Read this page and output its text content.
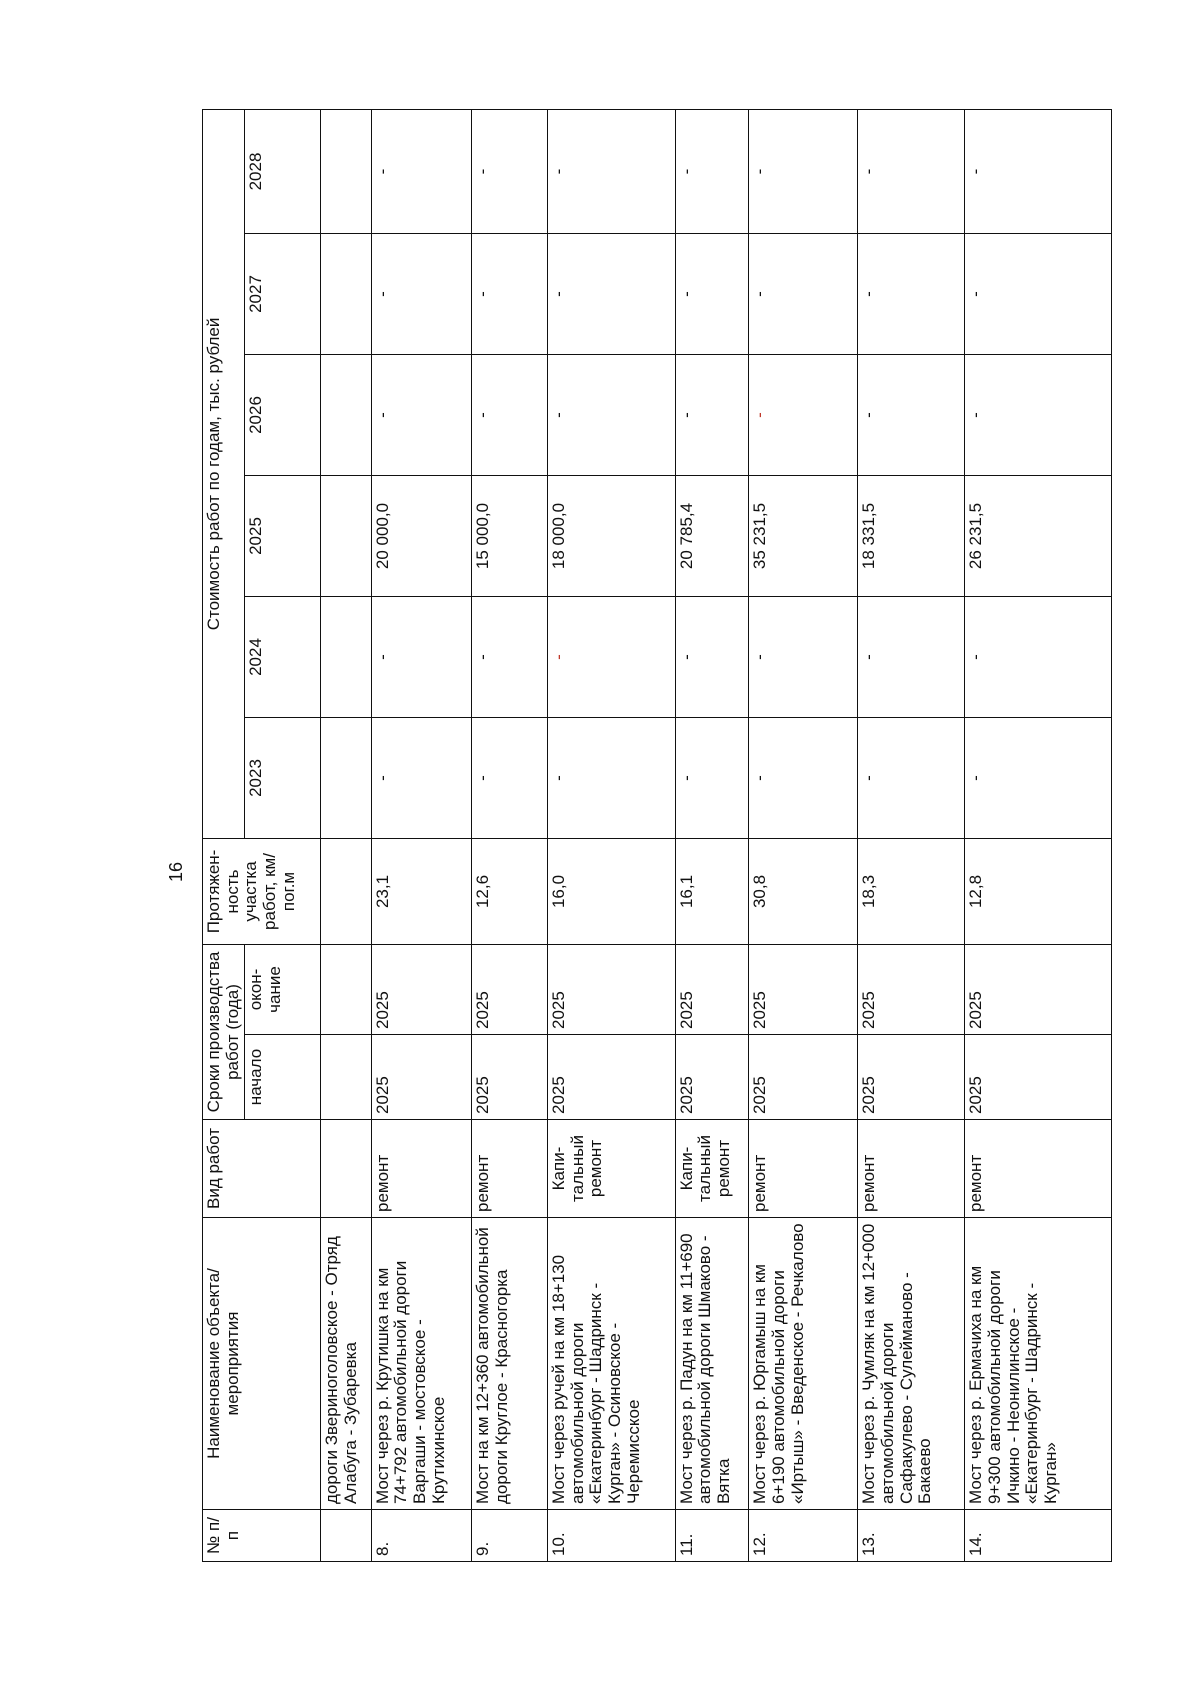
16
№ п/п	Наименование объекта/ мероприятия	Вид работ	Сроки производства работ (года)		Протяжен-ность участка работ, км/пог.м	Стоимость работ по годам, тыс. рублей					
			начало	окон-чание		2023	2024	2025	2026	2027	2028
	дороги Звериноголовское - Отряд Алабуга - Зубаревка										
8.	Мост через р. Крутишка на км 74+792 автомобильной дороги Варгаши - мостовское - Крутихинское	ремонт	2025	2025	23,1	-	-	20 000,0	-	-	-
9.	Мост на км 12+360 автомобильной дороги Круглое - Красногорка	ремонт	2025	2025	12,6	-	-	15 000,0	-	-	-
10.	Мост через ручей на км 18+130 автомобильной дороги «Екатеринбург - Шадринск - Курган» - Осиновское - Черемисское	Капи-тальный ремонт	2025	2025	16,0	-	-	18 000,0	-	-	-
11.	Мост через р. Падун на км 11+690 автомобильной дороги Шмаково - Вятка	Капи-тальный ремонт	2025	2025	16,1	-	-	20 785,4	-	-	-
12.	Мост через р. Юргамыш на км 6+190 автомобильной дороги «Иртыш» - Введенское - Речкалово	ремонт	2025	2025	30,8	-	-	35 231,5	-	-	-
13.	Мост через р. Чумляк на км 12+000 автомобильной дороги Сафакулево - Сулейманово - Бакаево	ремонт	2025	2025	18,3	-	-	18 331,5	-	-	-
14.	Мост через р. Ермачиха на км 9+300 автомобильной дороги Ичкино - Неонилинское - «Екатеринбург - Шадринск - Курган»	ремонт	2025	2025	12,8	-	-	26 231,5	-	-	-
